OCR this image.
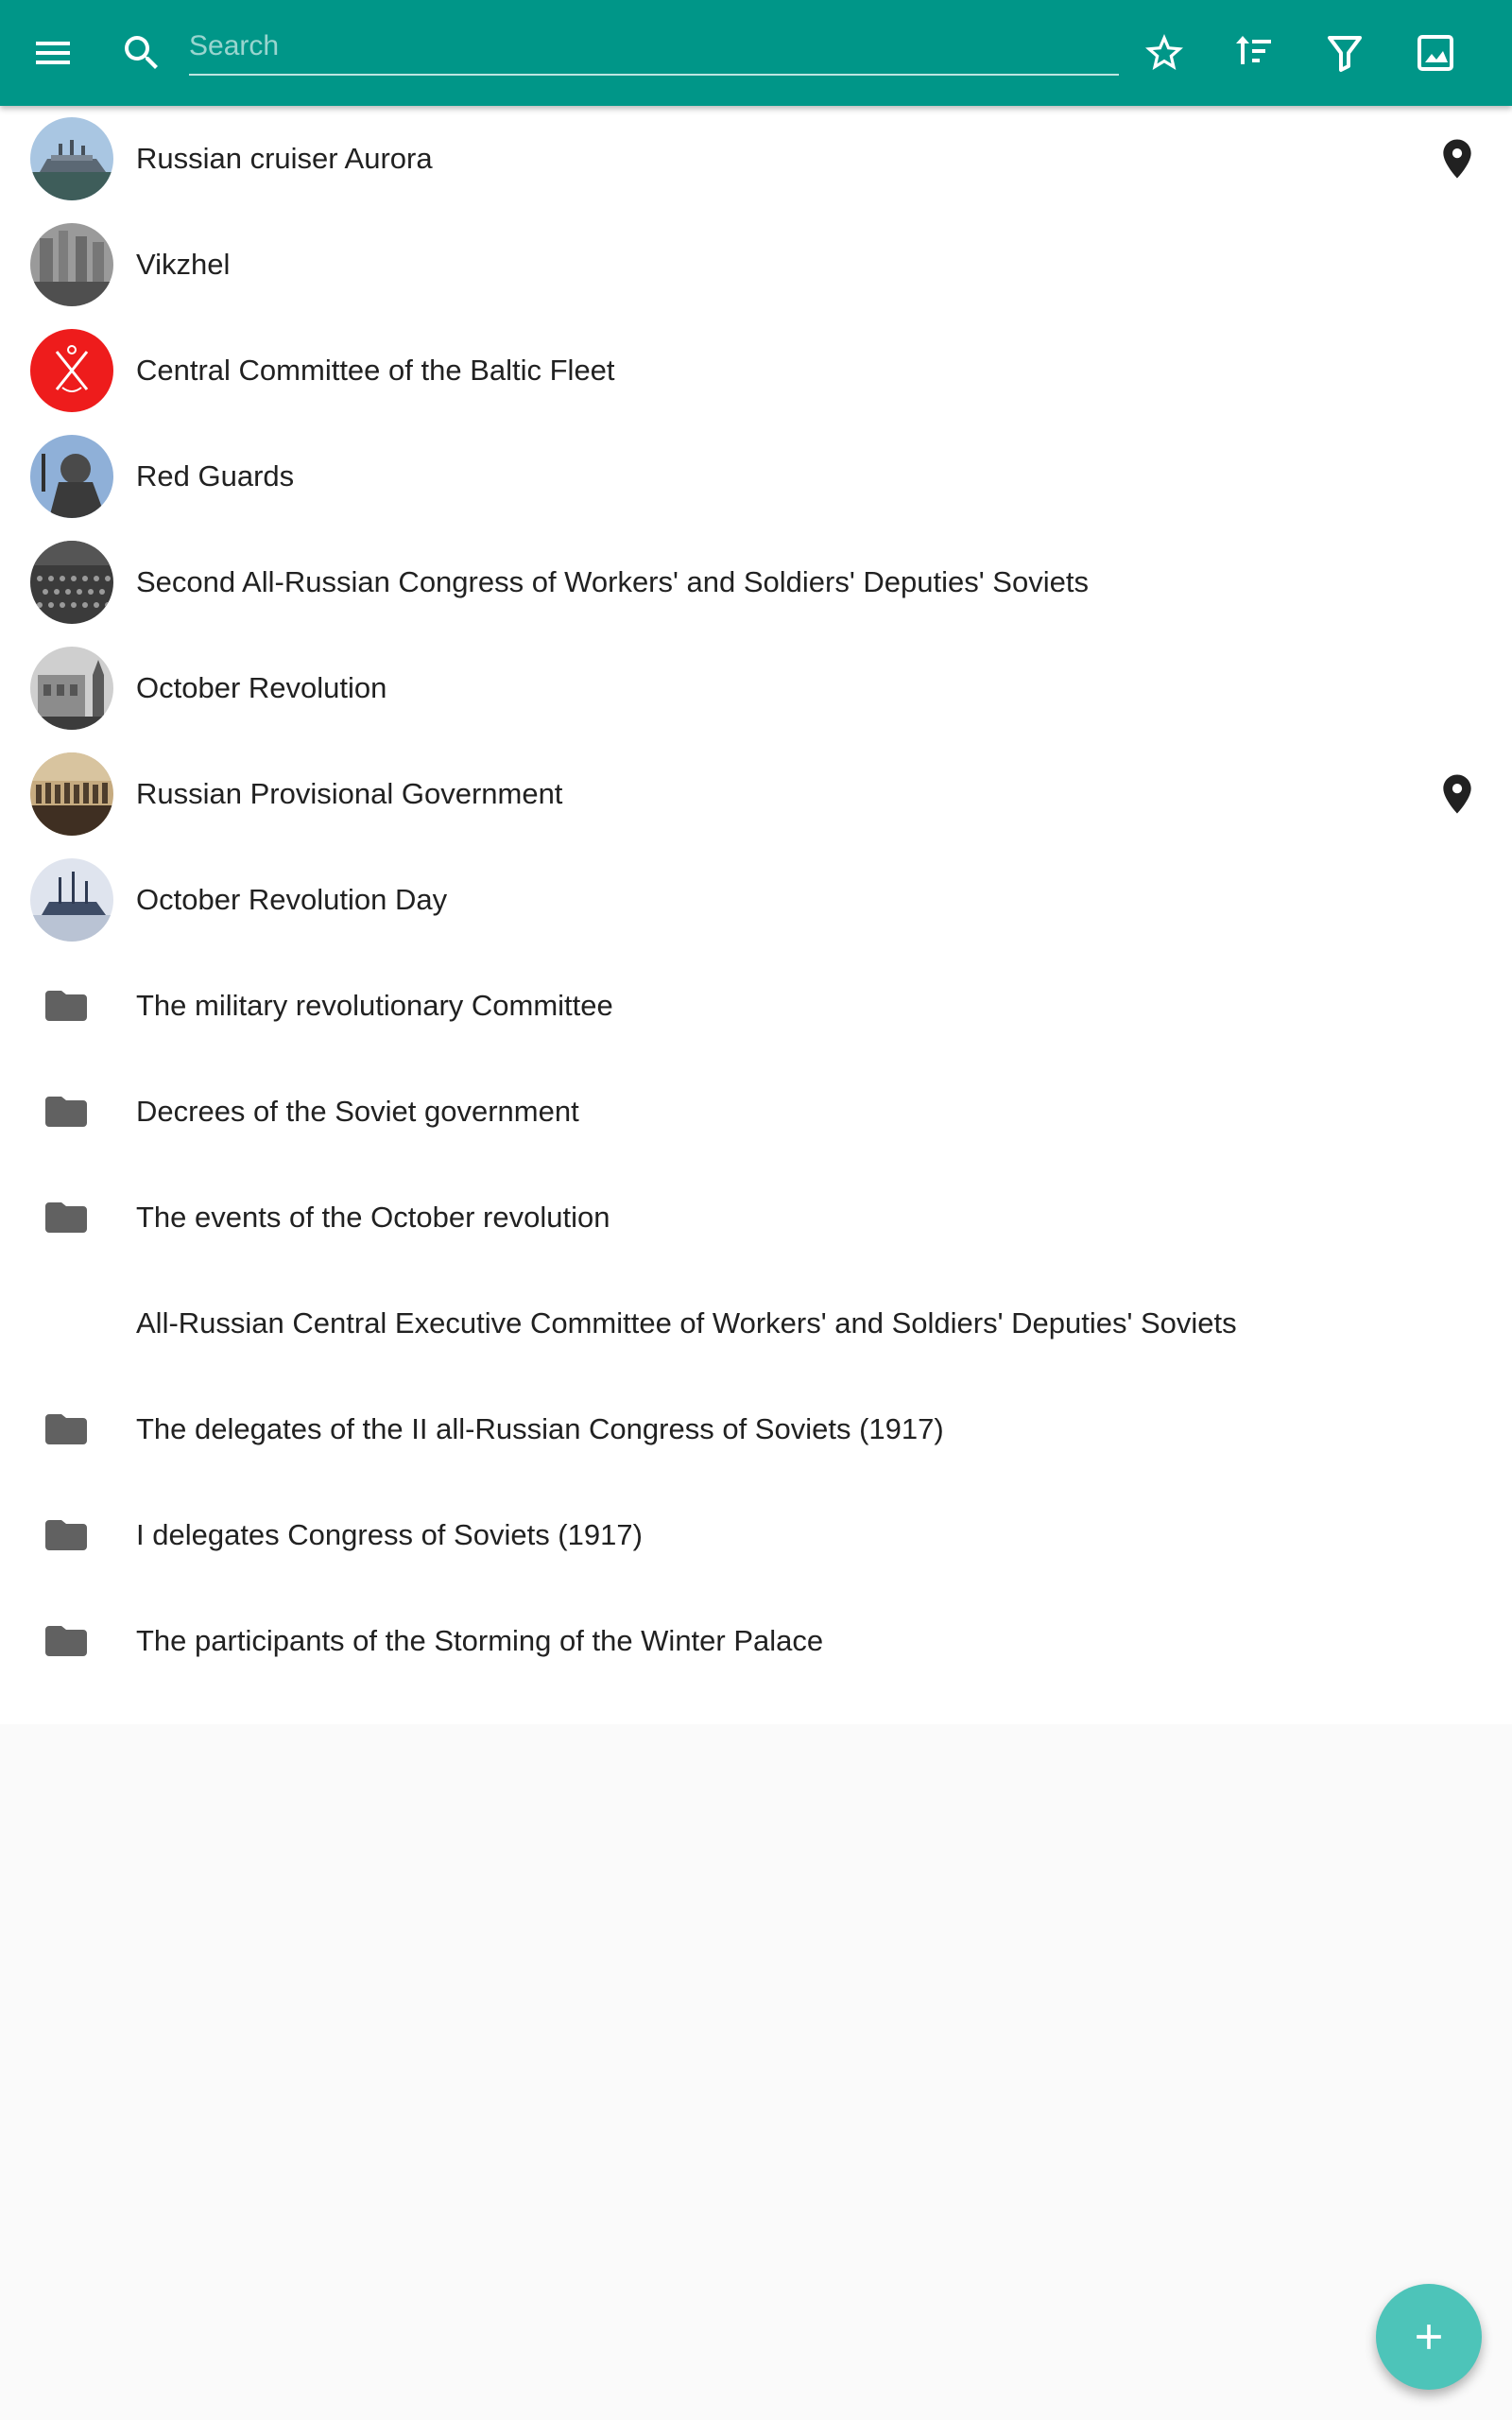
Search
Russian cruiser Aurora
Vikzhel
Central Committee of the Baltic Fleet
Red Guards
Second All-Russian Congress of Workers' and Soldiers' Deputies' Soviets
October Revolution
Russian Provisional Government
October Revolution Day
The military revolutionary Committee
Decrees of the Soviet government
The events of the October revolution
All-Russian Central Executive Committee of Workers' and Soldiers' Deputies' Soviets
The delegates of the II all-Russian Congress of Soviets (1917)
I delegates Congress of Soviets (1917)
The participants of the Storming of the Winter Palace
